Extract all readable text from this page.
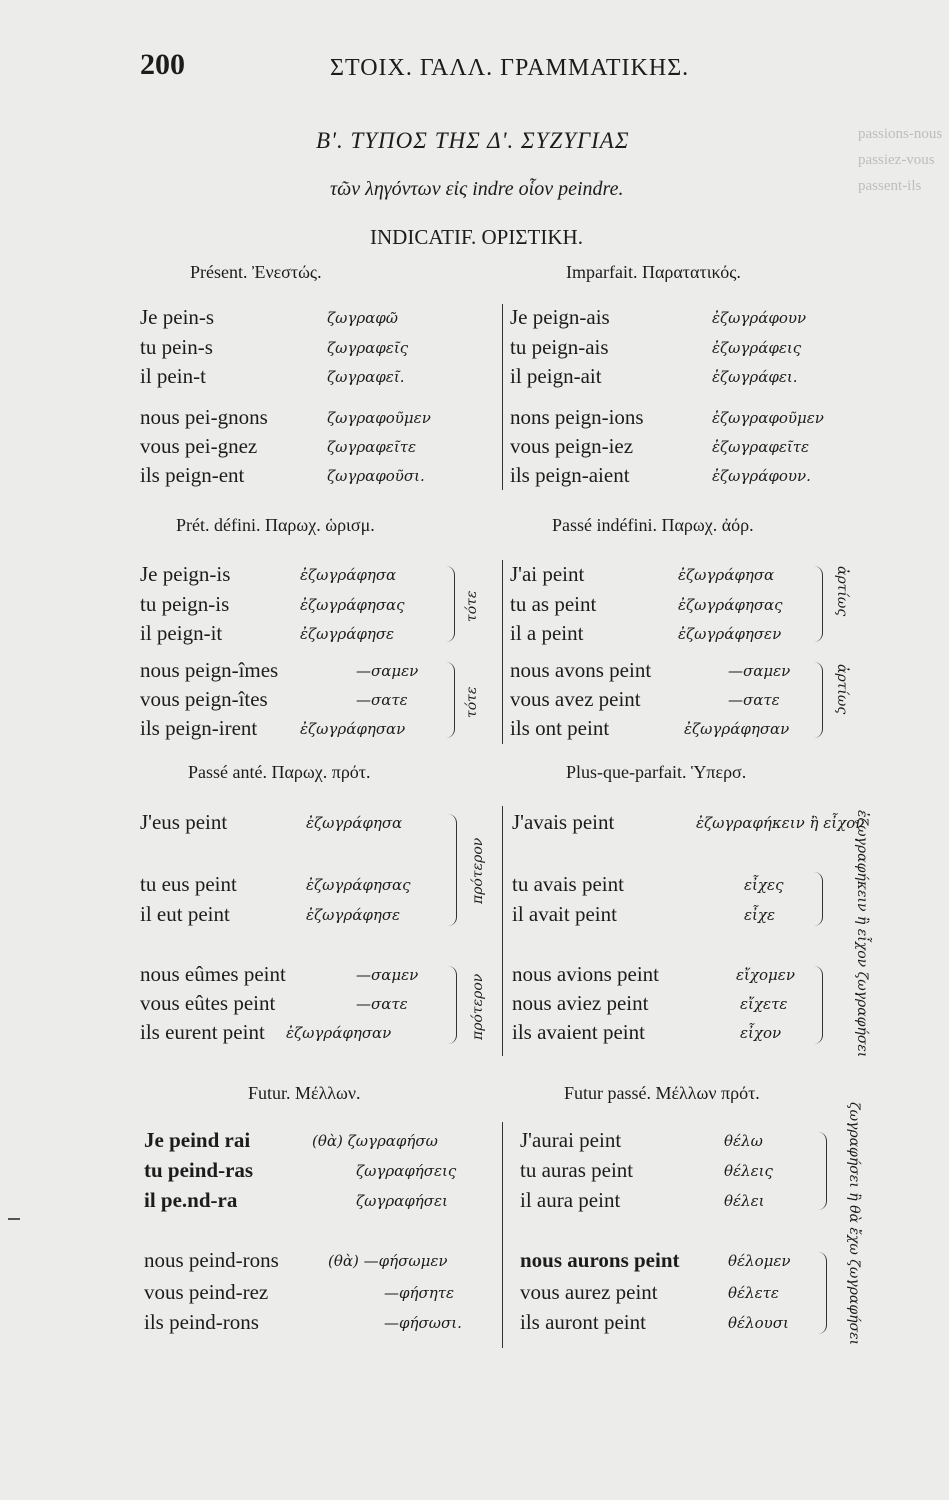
passions-nous
passiez-vous
passent-ils
200	ΣΤΟΙΧ. ΓΑΛΛ. ΓΡΑΜΜΑΤΙΚΗΣ.
Β'. ΤΥΠΟΣ ΤΗΣ Δ'. ΣΥΖΥΓΙΑΣ
τῶν ληγόντων εἰς indre οἷον peindre.
INDICATIF. ΟΡΙΣΤΙΚΗ.
Présent. Ἐνεστώς.	Imparfait. Παρατατικός.
Je pein-s	ζωγραφῶ
tu pein-s	ζωγραφεῖς
il pein-t	ζωγραφεῖ.
nous pei-gnons	ζωγραφοῦμεν
vous pei-gnez	ζωγραφεῖτε
ils peign-ent	ζωγραφοῦσι.
Je peign-ais	ἐζωγράφουν
tu peign-ais	ἐζωγράφεις
il peign-ait	ἐζωγράφει.
nons peign-ions	ἐζωγραφοῦμεν
vous peign-iez	ἐζωγραφεῖτε
ils peign-aient	ἐζωγράφουν.
Prét. défini. Παρωχ. ὡρισμ.	Passé indéfini. Παρωχ. ἀόρ.
Je peign-is	ἐζωγράφησα
tu peign-is	ἐζωγράφησας
il peign-it	ἐζωγράφησε
nous peign-îmes	—σαμεν
vous peign-îtes	—σατε
ils peign-irent	ἐζωγράφησαν
τότε
τότε
J'ai peint	ἐζωγράφησα
tu as peint	ἐζωγράφησας
il a peint	ἐζωγράφησεν
nous avons peint	—σαμεν
vous avez peint	—σατε
ils ont peint	ἐζωγράφησαν
ἀρτίως
ἀρτίως
Passé anté. Παρωχ. πρότ.	Plus-que-parfait. Ὑπερσ.
J'eus peint	ἐζωγράφησα
tu eus peint	ἐζωγράφησας
il eut peint	ἐζωγράφησε
nous eûmes peint	—σαμεν
vous eûtes peint	—σατε
ils eurent peint ἐζωγράφησαν
πρότερον
πρότερον
J'avais peint	ἐζωγραφήκειν ἢ εἶχον
tu avais peint	εἶχες
il avait peint	εἶχε
nous avions peint	εἴχομεν
nous aviez peint	εἴχετε
ils avaient peint	εἶχον	ἐζωγραφήκειν ἢ εἶχον ζωγραφήσει
Futur. Μέλλων.	Futur passé. Μέλλων πρότ.
Je peind rai	(θὰ) ζωγραφήσω
tu peind-ras	ζωγραφήσεις
il pe.nd-ra	ζωγραφήσει
nous peind-rons	(θὰ) —φήσωμεν
vous peind-rez	—φήσητε
ils peind-rons	—φήσωσι.
J'aurai peint	θέλω
tu auras peint	θέλεις
il aura peint	θέλει
nous aurons peint	θέλομεν
vous aurez peint	θέλετε
ils auront peint	θέλουσι	ζωγραφήσει ἢ θὰ ἔχω ζωγραφήσει
